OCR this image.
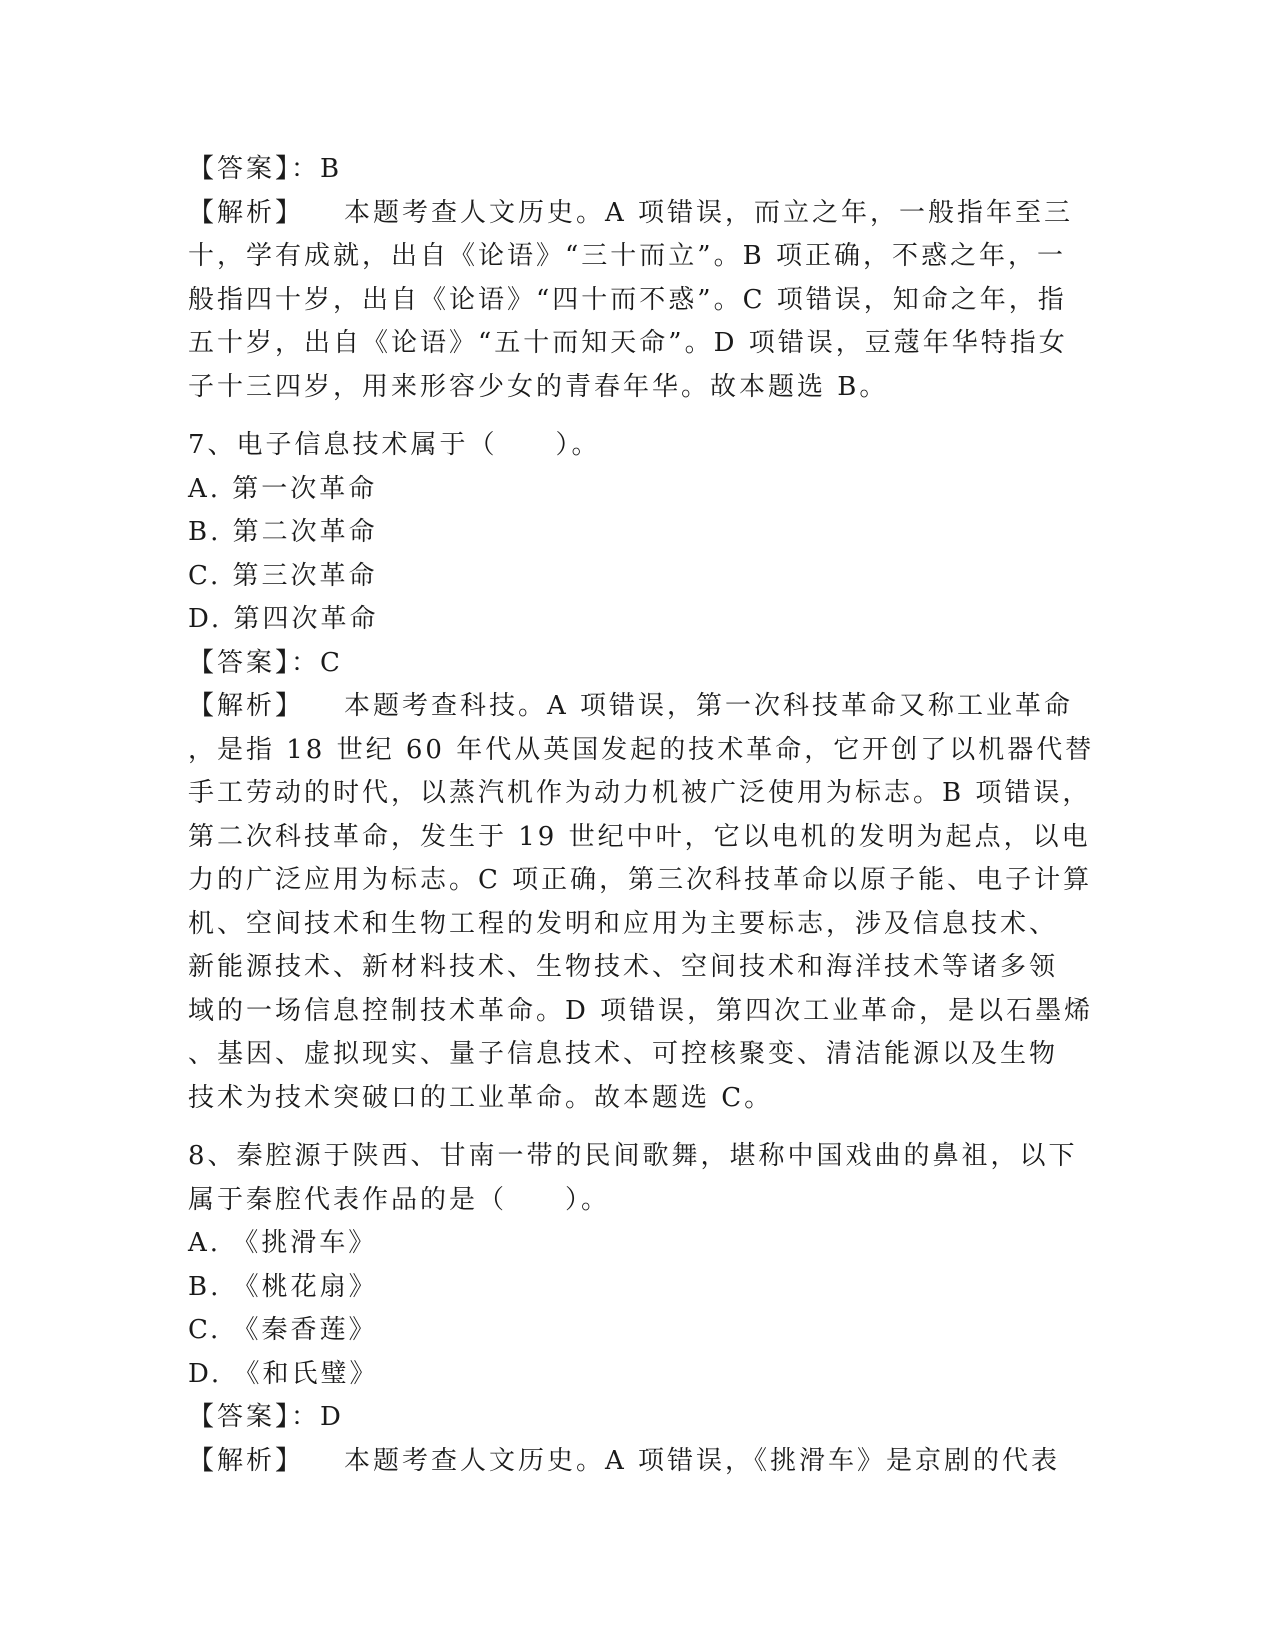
【答案】：B
【解析】 本题考查人文历史。A 项错误，而立之年，一般指年至三
十，学有成就，出自《论语》“三十而立”。B 项正确，不惑之年，一
般指四十岁，出自《论语》“四十而不惑”。C 项错误，知命之年，指
五十岁，出自《论语》“五十而知天命”。D 项错误，豆蔻年华特指女
子十三四岁，用来形容少女的青春年华。故本题选 B。
7、电子信息技术属于（　　）。
A. 第一次革命
B. 第二次革命
C. 第三次革命
D. 第四次革命
【答案】：C
【解析】 本题考查科技。A 项错误，第一次科技革命又称工业革命
，是指 18 世纪 60 年代从英国发起的技术革命，它开创了以机器代替
手工劳动的时代，以蒸汽机作为动力机被广泛使用为标志。B 项错误，
第二次科技革命，发生于 19 世纪中叶，它以电机的发明为起点，以电
力的广泛应用为标志。C 项正确，第三次科技革命以原子能、电子计算
机、空间技术和生物工程的发明和应用为主要标志，涉及信息技术、
新能源技术、新材料技术、生物技术、空间技术和海洋技术等诸多领
域的一场信息控制技术革命。D 项错误，第四次工业革命，是以石墨烯
、基因、虚拟现实、量子信息技术、可控核聚变、清洁能源以及生物
技术为技术突破口的工业革命。故本题选 C。
8、秦腔源于陕西、甘南一带的民间歌舞，堪称中国戏曲的鼻祖，以下
属于秦腔代表作品的是（　　）。
A. 《挑滑车》
B. 《桃花扇》
C. 《秦香莲》
D. 《和氏璧》
【答案】：D
【解析】 本题考查人文历史。A 项错误，《挑滑车》是京剧的代表
